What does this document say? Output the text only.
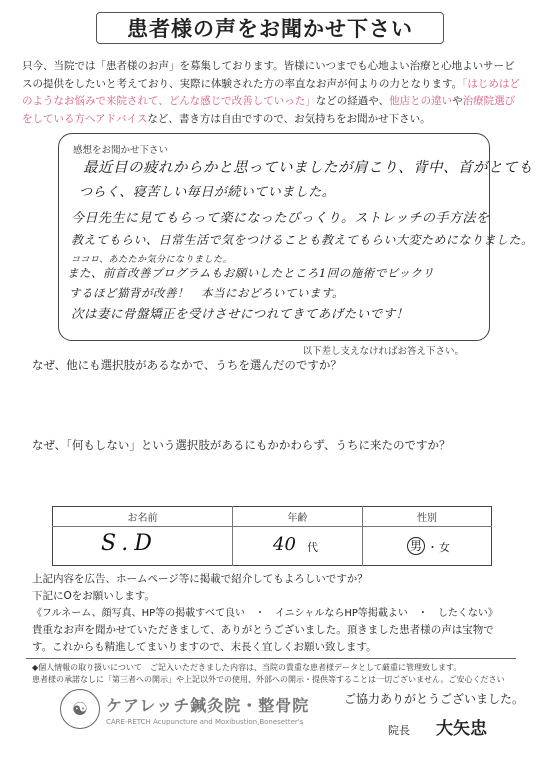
患者様の声をお聞かせ下さい
只今、当院では「患者様のお声」を募集しております。皆様にいつまでも心地よい治療と心地よいサービスの提供をしたいと考えており、実際に体験された方の率直なお声が何よりの力となります。「はじめはどのようなお悩みで来院されて、どんな感じで改善していった」などの経過や、他店との違いや治療院選びをしている方へアドバイスなど、書き方は自由ですので、お気持ちをお聞かせ下さい。
感想をお聞かせ下さい
最近目の疲れからかと思っていましたが肩こり、背中、首がとても
つらく、寝苦しい毎日が続いていました。
今日先生に見てもらって楽になったびっくり。ストレッチの手方法を
教えてもらい、日常生活で気をつけることも教えてもらい大変ためになりました。
ココロ、あたたか気分になりました。
また、前首改善プログラムもお願いしたところ1回の施術でビックリ
するほど猫背が改善！　本当におどろいています。
次は妻に骨盤矯正を受けさせにつれてきてあげたいです！
以下差し支えなければお答え下さい。
なぜ、他にも選択肢があるなかで、うちを選んだのですか？
なぜ、「何もしない」という選択肢があるにもかかわらず、うちに来たのですか？
お名前	年齢	性別

S.D	40 代	男 ・ 女
上記内容を広告、ホームページ等に掲載で紹介してもよろしいですか？
下記にOをお願いします。
《フルネーム、顔写真、HP等の掲載すべて良い　・　イニシャルならHP等掲載よい　・　したくない》
貴重なお声を聞かせていただきまして、ありがとうございました。頂きました患者様の声は宝物です。これからも精進してまいりますので、末長く宜しくお願い致します。
◆個人情報の取り扱いについて　ご記入いただきました内容は、当院の貴重な患者様データとして厳重に管理致します。
患者様の承諾なしに「第三者への開示」や上記以外での使用、外部への開示・提供等することは一切ございません。ご安心ください
☯	ケアレッチ鍼灸院・整骨院
CARE-RETCH Acupuncture and Moxibustion,Bonesetter's
ご協力ありがとうございました。
院長 大矢忠
